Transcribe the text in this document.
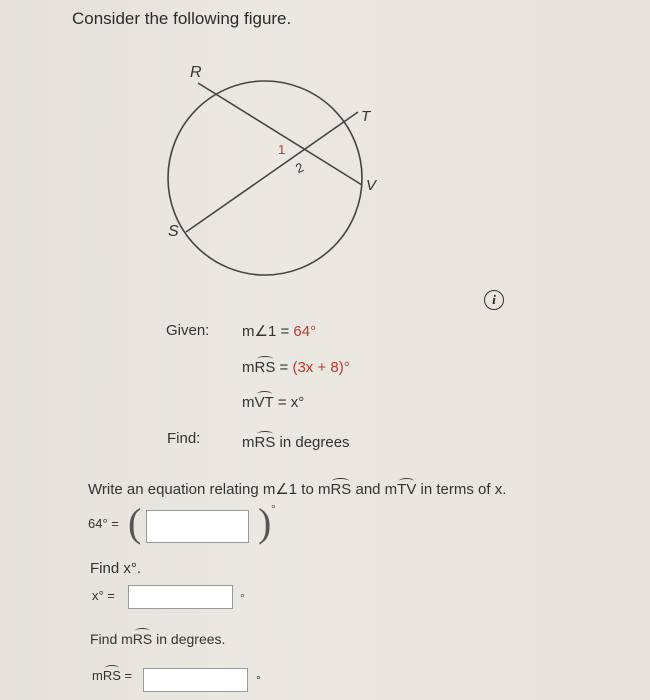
Consider the following figure.
R
T
V
S
1
2
i
Given: m∠1 = 64°
mRS = (3x + 8)°
mVT = x°
Find:	mRS in degrees
Write an equation relating m∠1 to mRS and mTV in terms of x.
64° = (	) °
Find x°.
x° =	°
Find mRS in degrees.
mRS =	°
